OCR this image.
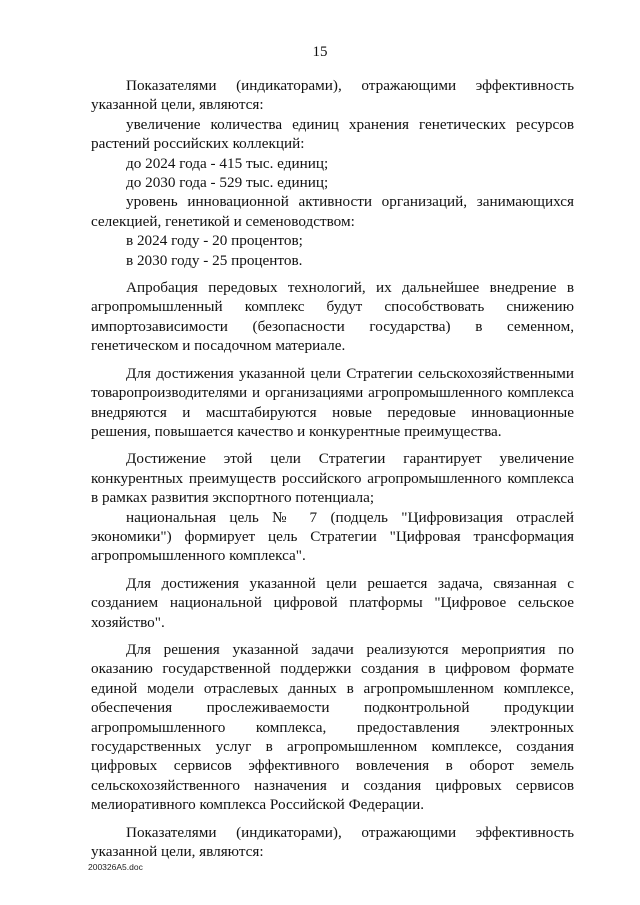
15

Показателями (индикаторами), отражающими эффективность указанной цели, являются:

увеличение количества единиц хранения генетических ресурсов растений российских коллекций:

до 2024 года - 415 тыс. единиц;

до 2030 года - 529 тыс. единиц;

уровень инновационной активности организаций, занимающихся селекцией, генетикой и семеноводством:

в 2024 году - 20 процентов;

в 2030 году - 25 процентов.

Апробация передовых технологий, их дальнейшее внедрение в агропромышленный комплекс будут способствовать снижению импортозависимости (безопасности государства) в семенном, генетическом и посадочном материале.

Для достижения указанной цели Стратегии сельскохозяйственными товаропроизводителями и организациями агропромышленного комплекса внедряются и масштабируются новые передовые инновационные решения, повышается качество и конкурентные преимущества.

Достижение этой цели Стратегии гарантирует увеличение конкурентных преимуществ российского агропромышленного комплекса в рамках развития экспортного потенциала;

национальная цель № 7 (подцель "Цифровизация отраслей экономики") формирует цель Стратегии "Цифровая трансформация агропромышленного комплекса".

Для достижения указанной цели решается задача, связанная с созданием национальной цифровой платформы "Цифровое сельское хозяйство".

Для решения указанной задачи реализуются мероприятия по оказанию государственной поддержки создания в цифровом формате единой модели отраслевых данных в агропромышленном комплексе, обеспечения прослеживаемости подконтрольной продукции агропромышленного комплекса, предоставления электронных государственных услуг в агропромышленном комплексе, создания цифровых сервисов эффективного вовлечения в оборот земель сельскохозяйственного назначения и создания цифровых сервисов мелиоративного комплекса Российской Федерации.

Показателями (индикаторами), отражающими эффективность указанной цели, являются:

200326A5.doc
